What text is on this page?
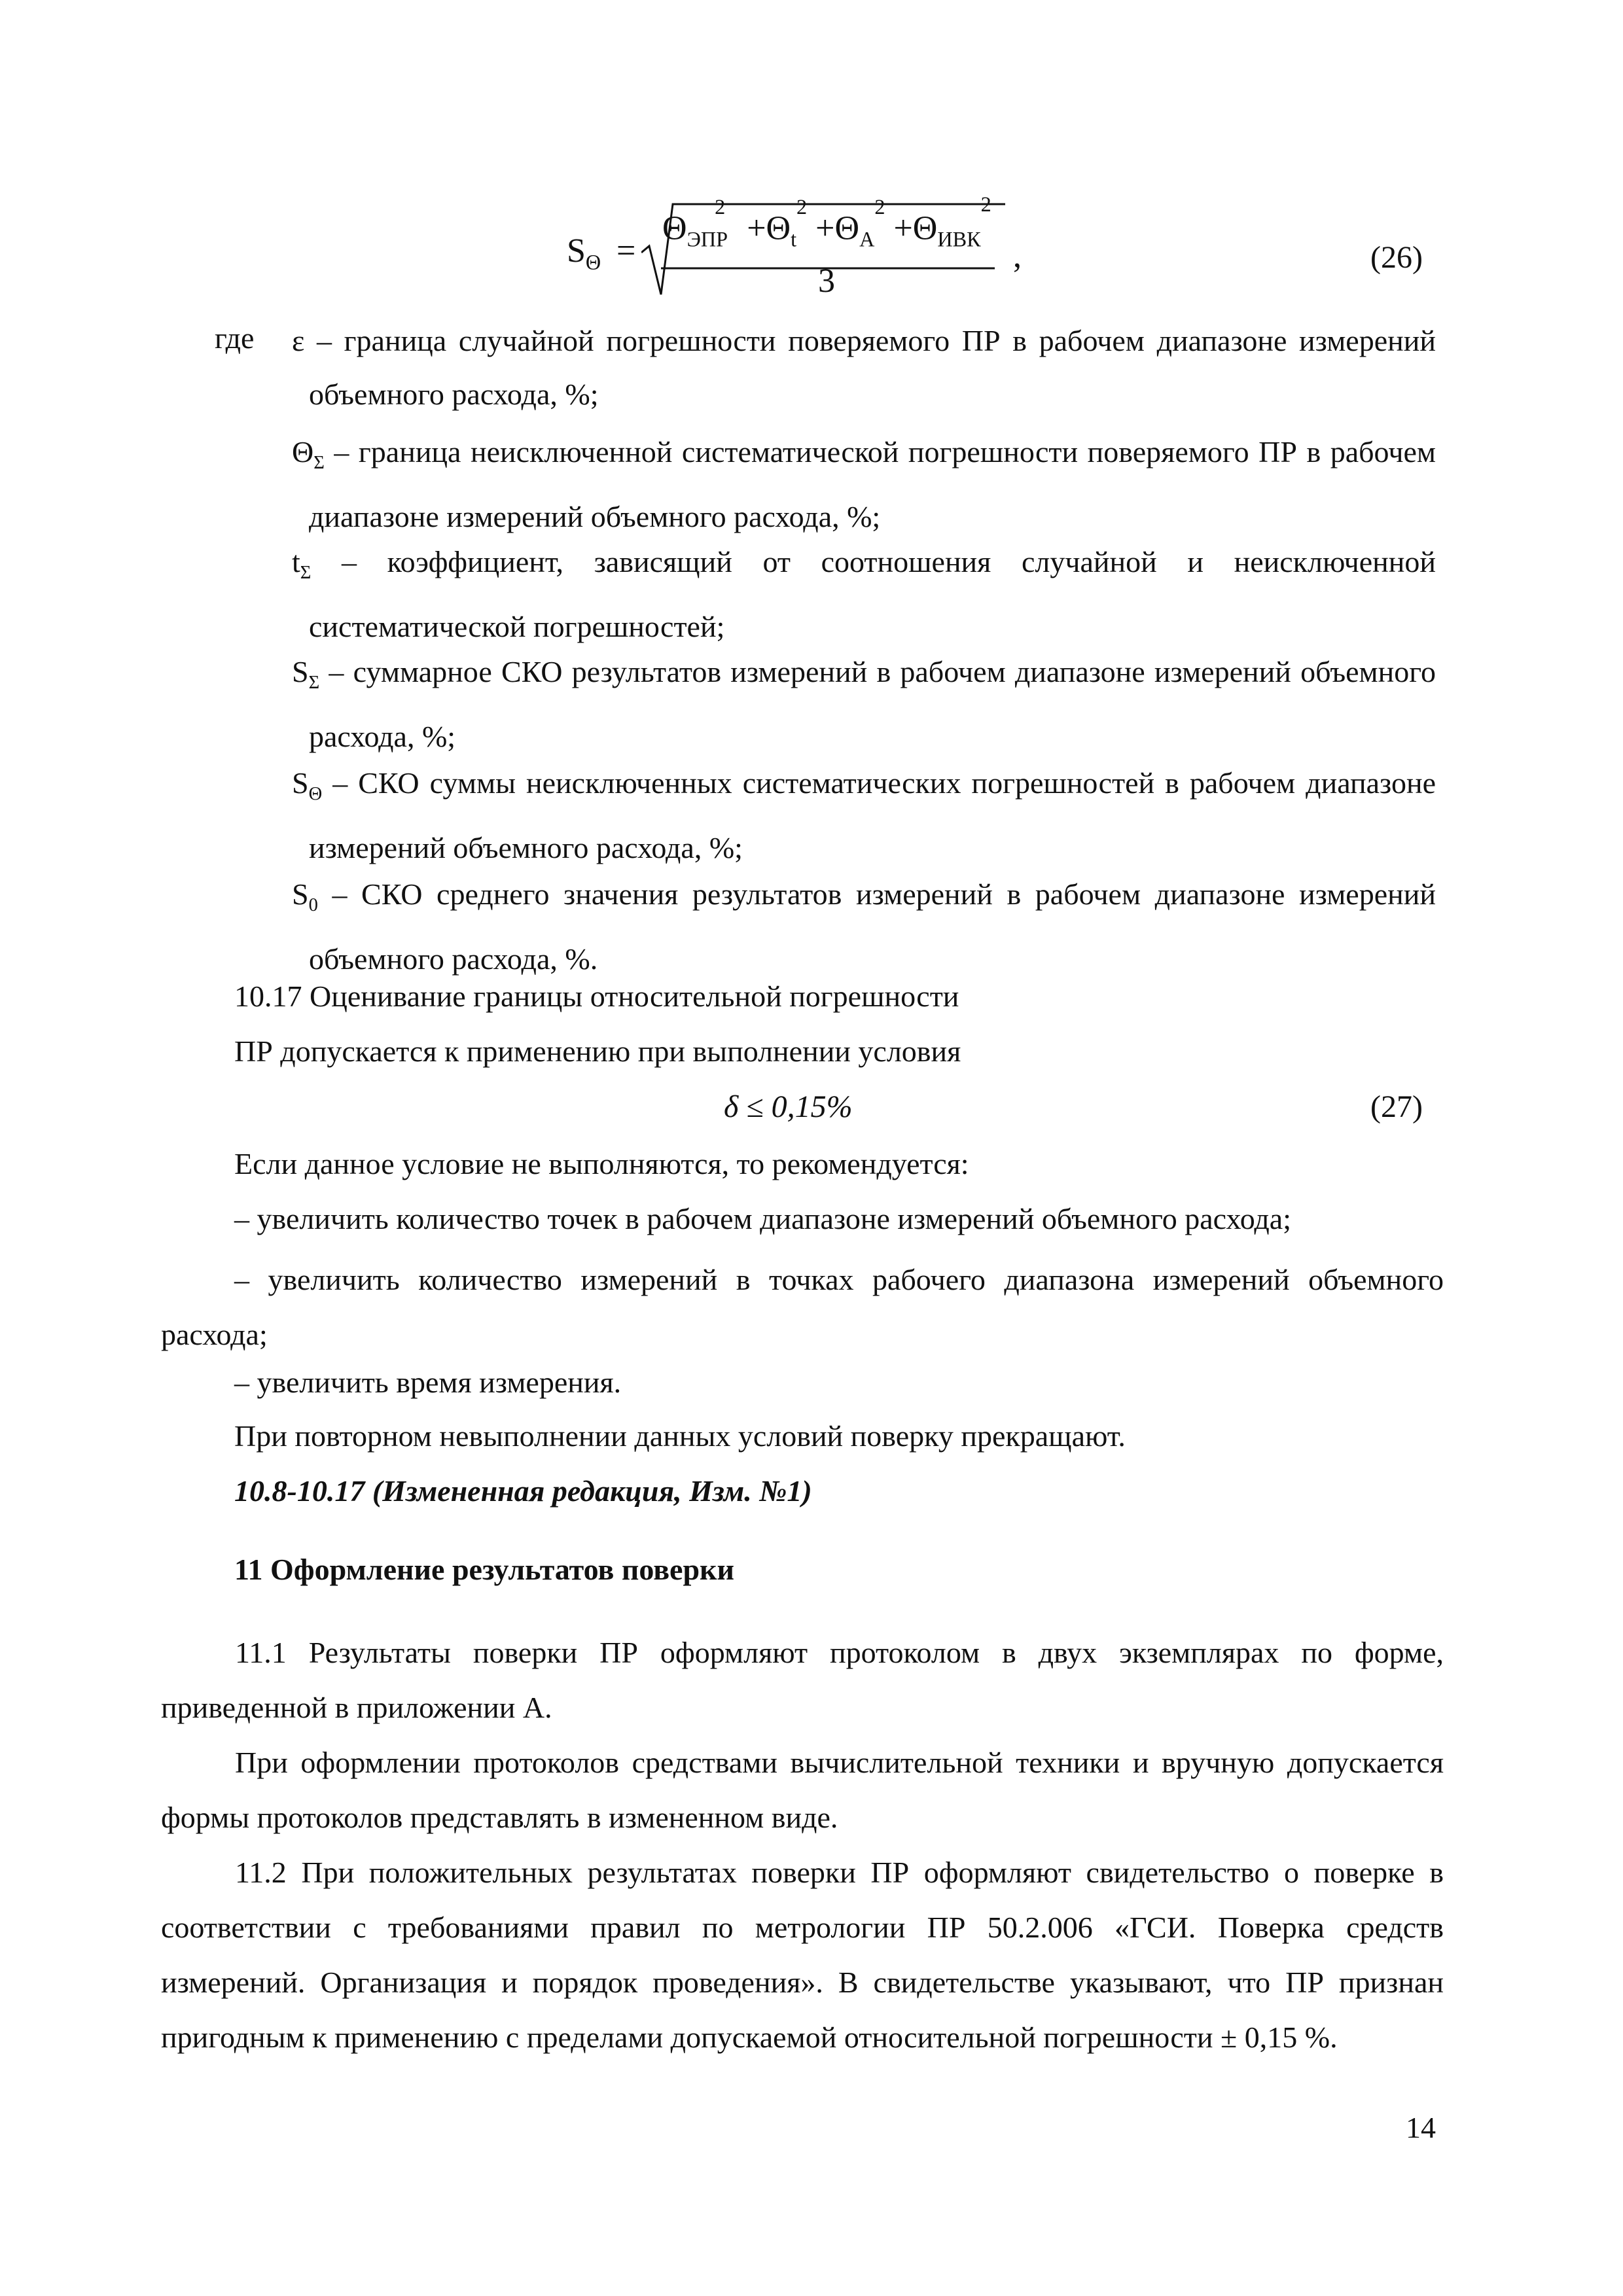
$S_\Theta$ =
$\Theta_{ЭПР}^2 +\Theta_t^2 +\Theta_A^2 +\Theta_{ИВК}^2$
3
,	(26)
где ε – граница случайной погрешности поверяемого ПР в рабочем диапазоне измерений объемного расхода, %;
$\Theta_\Sigma$ – граница неисключенной систематической погрешности поверяемого ПР в рабочем диапазоне измерений объемного расхода, %;
$t_\Sigma$ – коэффициент, зависящий от соотношения случайной и неисключенной систематической погрешностей;
$S_\Sigma$ – суммарное СКО результатов измерений в рабочем диапазоне измерений объемного расхода, %;
$S_\Theta$ – СКО суммы неисключенных систематических погрешностей в рабочем диапазоне измерений объемного расхода, %;
$S_0$ – СКО среднего значения результатов измерений в рабочем диапазоне измерений объемного расхода, %.
10.17 Оценивание границы относительной погрешности
ПР допускается к применению при выполнении условия
δ ≤ 0,15%	(27)
Если данное условие не выполняются, то рекомендуется:
– увеличить количество точек в рабочем диапазоне измерений объемного расхода;
– увеличить количество измерений в точках рабочего диапазона измерений объемного расхода;
– увеличить время измерения.
При повторном невыполнении данных условий поверку прекращают.
10.8-10.17 (Измененная редакция, Изм. №1)
11 Оформление результатов поверки
11.1 Результаты поверки ПР оформляют протоколом в двух экземплярах по форме, приведенной в приложении А.
При оформлении протоколов средствами вычислительной техники и вручную допускается формы протоколов представлять в измененном виде.
11.2 При положительных результатах поверки ПР оформляют свидетельство о поверке в соответствии с требованиями правил по метрологии ПР 50.2.006 «ГСИ. Поверка средств измерений. Организация и порядок проведения». В свидетельстве указывают, что ПР признан пригодным к применению с пределами допускаемой относительной погрешности ± 0,15 %.
14
